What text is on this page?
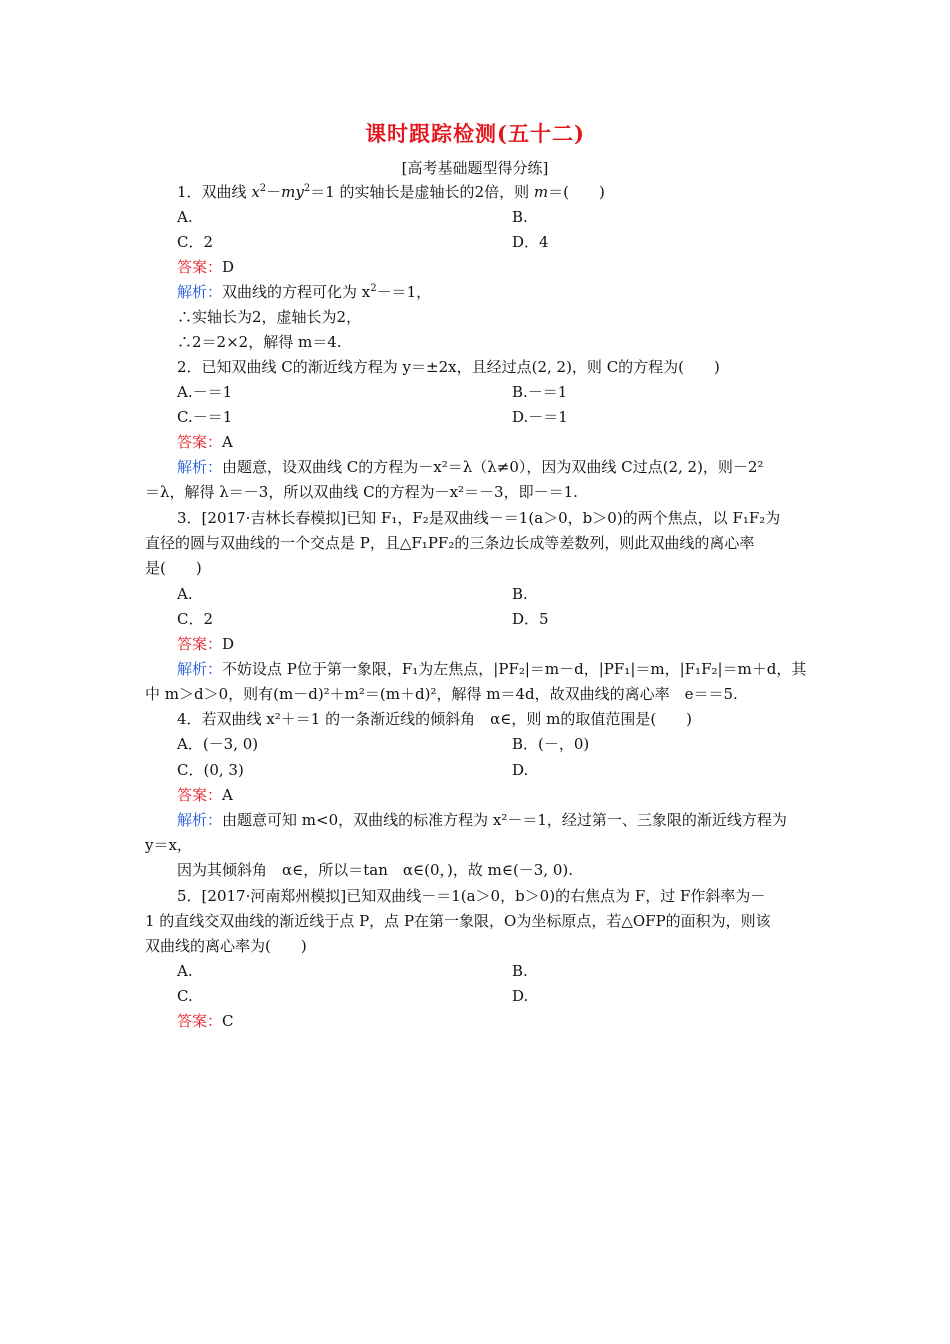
课时跟踪检测(五十二)
[高考基础题型得分练]
1．双曲线 $x^2-my^2=1$ 的实轴长是虚轴长的2倍，则 m＝(　　)
A.	B.
C．2	D．4
答案：D
解析：双曲线的方程可化为 $x^2-=1$，
∴实轴长为2，虚轴长为2，
∴2＝2×2，解得 m＝4.
2．已知双曲线 C的渐近线方程为 y＝±2x，且经过点(2, 2)，则 C的方程为(　　)
A.－＝1	B.－＝1
C.－＝1	D.－＝1
答案：A
解析：由题意，设双曲线 C的方程为－x²＝λ（λ≠0），因为双曲线 C过点(2, 2)，则－2²
＝λ，解得 λ＝－3，所以双曲线 C的方程为－x²＝－3，即－＝1.
3．[2017·吉林长春模拟]已知 F₁，F₂是双曲线－＝1(a＞0，b＞0)的两个焦点，以 F₁F₂为
直径的圆与双曲线的一个交点是 P，且△F₁PF₂的三条边长成等差数列，则此双曲线的离心率
是(　　)
A.	B.
C．2	D．5
答案：D
解析：不妨设点 P位于第一象限，F₁为左焦点，|PF₂|＝m－d，|PF₁|＝m，|F₁F₂|＝m＋d，其
中 m＞d＞0，则有(m－d)²＋m²＝(m＋d)²，解得 m＝4d，故双曲线的离心率　e＝＝5.
4．若双曲线 x²＋＝1 的一条渐近线的倾斜角　α∈，则 m的取值范围是(　　)
A．(－3, 0)	B．(－，0)
C．(0, 3)	D.
答案：A
解析：由题意可知 m<0，双曲线的标准方程为 x²－＝1，经过第一、三象限的渐近线方程为
y＝x，
因为其倾斜角　α∈，所以＝tan　α∈(0，)，故 m∈(－3, 0).
5．[2017·河南郑州模拟]已知双曲线－＝1(a＞0，b＞0)的右焦点为 F，过 F作斜率为－
1 的直线交双曲线的渐近线于点 P，点 P在第一象限，O为坐标原点，若△OFP的面积为，则该
双曲线的离心率为(　　)
A.	B.
C.	D.
答案：C
